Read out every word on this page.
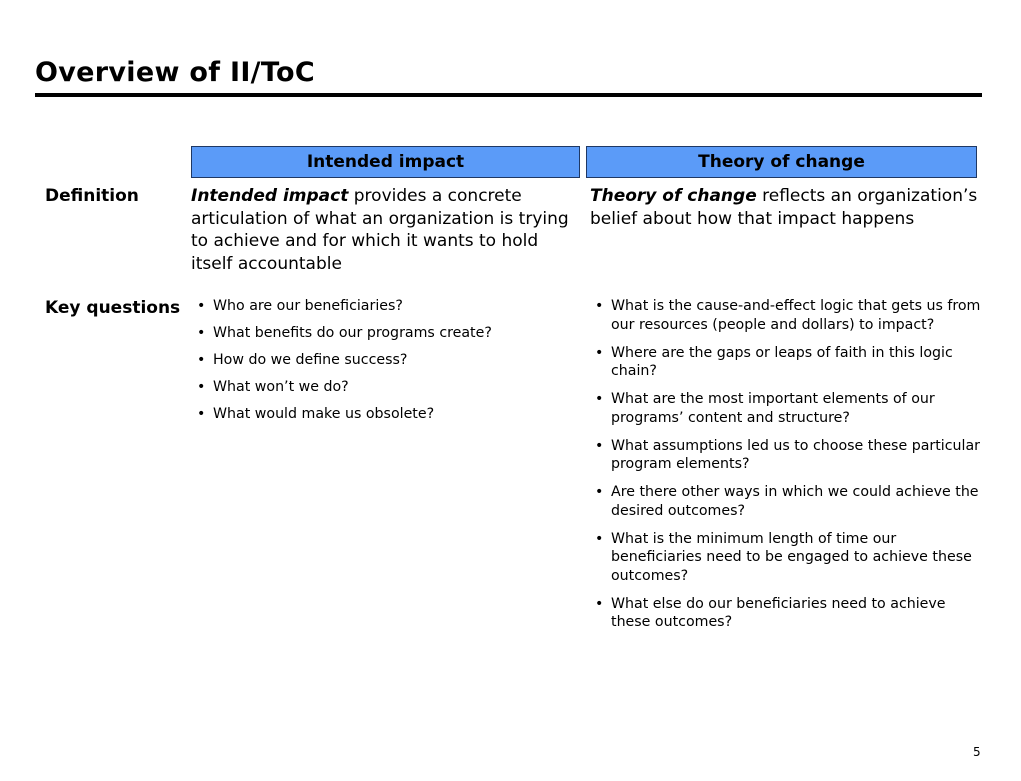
Overview of II/ToC
Intended impact	Theory of change
Definition
Key questions

Intended impact provides a concrete articulation of what an organization is trying to achieve and for which it wants to hold itself accountable

Theory of change reflects an organization’s belief about how that impact happens

• Who are our beneficiaries?
• What benefits do our programs create?
• How do we define success?
• What won’t we do?
• What would make us obsolete?
• What is the cause-and-effect logic that gets us from our resources (people and dollars) to impact?
• Where are the gaps or leaps of faith in this logic chain?
• What are the most important elements of our programs’ content and structure?
• What assumptions led us to choose these particular program elements?
• Are there other ways in which we could achieve the desired outcomes?
• What is the minimum length of time our beneficiaries need to be engaged to achieve these outcomes?
• What else do our beneficiaries need to achieve these outcomes?
5
